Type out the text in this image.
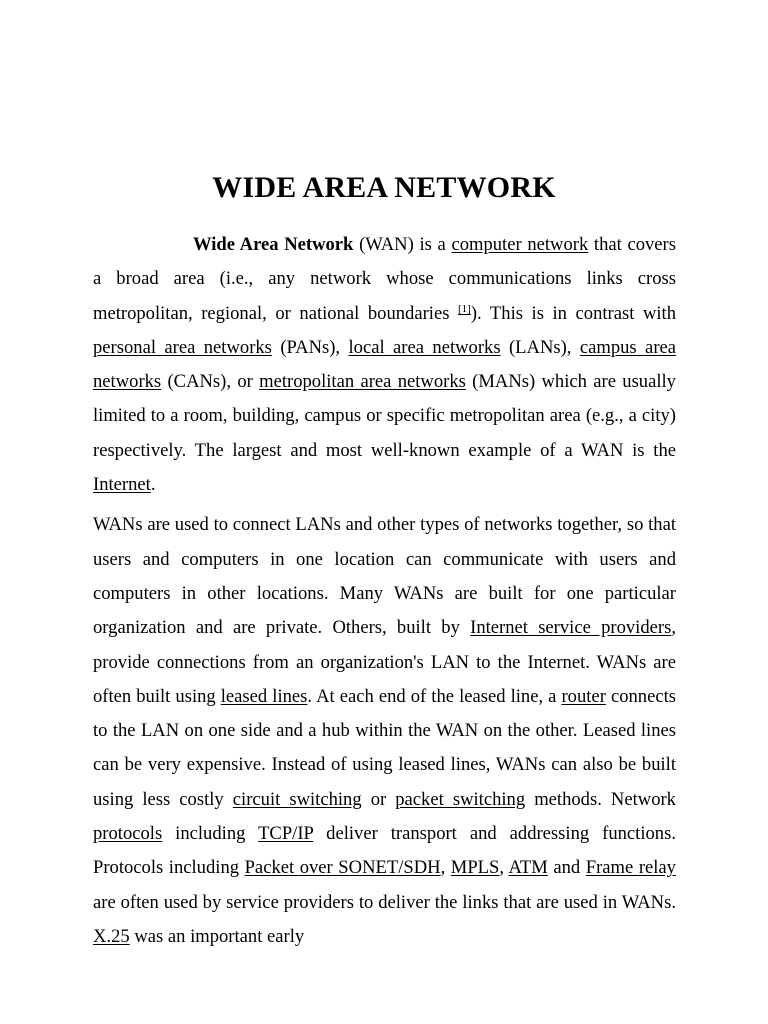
WIDE AREA NETWORK

Wide Area Network (WAN) is a computer network that covers a broad area (i.e., any network whose communications links cross metropolitan, regional, or national boundaries [1]). This is in contrast with personal area networks (PANs), local area networks (LANs), campus area networks (CANs), or metropolitan area networks (MANs) which are usually limited to a room, building, campus or specific metropolitan area (e.g., a city) respectively. The largest and most well-known example of a WAN is the Internet.

WANs are used to connect LANs and other types of networks together, so that users and computers in one location can communicate with users and computers in other locations. Many WANs are built for one particular organization and are private. Others, built by Internet service providers, provide connections from an organization's LAN to the Internet. WANs are often built using leased lines. At each end of the leased line, a router connects to the LAN on one side and a hub within the WAN on the other. Leased lines can be very expensive. Instead of using leased lines, WANs can also be built using less costly circuit switching or packet switching methods. Network protocols including TCP/IP deliver transport and addressing functions. Protocols including Packet over SONET/SDH, MPLS, ATM and Frame relay are often used by service providers to deliver the links that are used in WANs. X.25 was an important early
